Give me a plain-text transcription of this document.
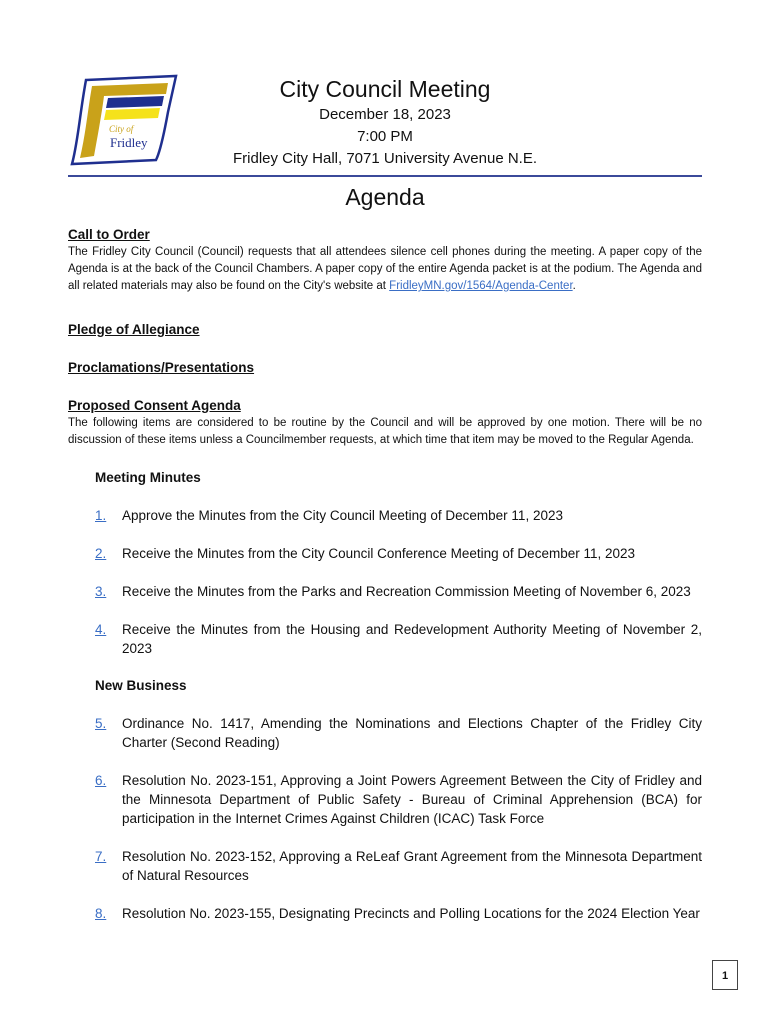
City of
Fridley
City Council Meeting
December 18, 2023
7:00 PM
Fridley City Hall, 7071 University Avenue N.E.
Agenda

Call to Order

The Fridley City Council (Council) requests that all attendees silence cell phones during the meeting. A paper copy of the Agenda is at the back of the Council Chambers. A paper copy of the entire Agenda packet is at the podium. The Agenda and all related materials may also be found on the City's website at FridleyMN.gov/1564/Agenda-Center.

Pledge of Allegiance

Proclamations/Presentations

Proposed Consent Agenda

The following items are considered to be routine by the Council and will be approved by one motion. There will be no discussion of these items unless a Councilmember requests, at which time that item may be moved to the Regular Agenda.

Meeting Minutes

1.	Approve the Minutes from the City Council Meeting of December 11, 2023
2.	Receive the Minutes from the City Council Conference Meeting of December 11, 2023
3.	Receive the Minutes from the Parks and Recreation Commission Meeting of November 6, 2023
4.	Receive the Minutes from the Housing and Redevelopment Authority Meeting of November 2, 2023

New Business

5.	Ordinance No. 1417, Amending the Nominations and Elections Chapter of the Fridley City Charter (Second Reading)
6.	Resolution No. 2023-151, Approving a Joint Powers Agreement Between the City of Fridley and the Minnesota Department of Public Safety - Bureau of Criminal Apprehension (BCA) for participation in the Internet Crimes Against Children (ICAC) Task Force
7.	Resolution No. 2023-152, Approving a ReLeaf Grant Agreement from the Minnesota Department of Natural Resources
8.	Resolution No. 2023-155, Designating Precincts and Polling Locations for the 2024 Election Year
1
